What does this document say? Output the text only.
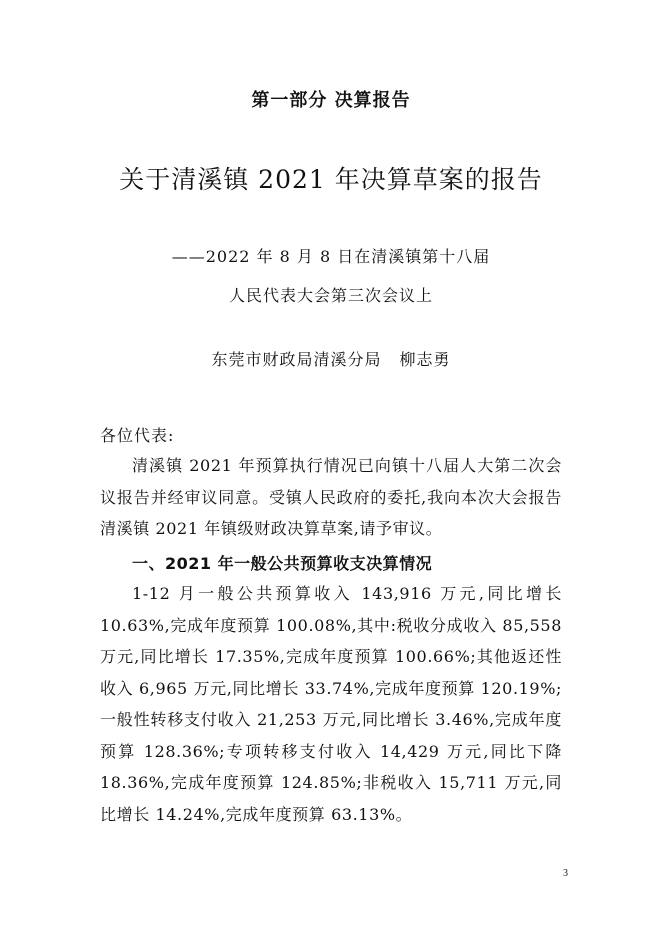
第一部分 决算报告
关于清溪镇 2021 年决算草案的报告
——2022 年 8 月 8 日在清溪镇第十八届
人民代表大会第三次会议上
东莞市财政局清溪分局 柳志勇
各位代表:
清溪镇 2021 年预算执行情况已向镇十八届人大第二次会议报告并经审议同意。受镇人民政府的委托,我向本次大会报告清溪镇 2021 年镇级财政决算草案,请予审议。
一、2021 年一般公共预算收支决算情况
1-12 月一般公共预算收入 143,916 万元,同比增长 10.63%,完成年度预算 100.08%,其中:税收分成收入 85,558 万元,同比增长 17.35%,完成年度预算 100.66%;其他返还性收入 6,965 万元,同比增长 33.74%,完成年度预算 120.19%;一般性转移支付收入 21,253 万元,同比增长 3.46%,完成年度预算 128.36%;专项转移支付收入 14,429 万元,同比下降 18.36%,完成年度预算 124.85%;非税收入 15,711 万元,同比增长 14.24%,完成年度预算 63.13%。
3
